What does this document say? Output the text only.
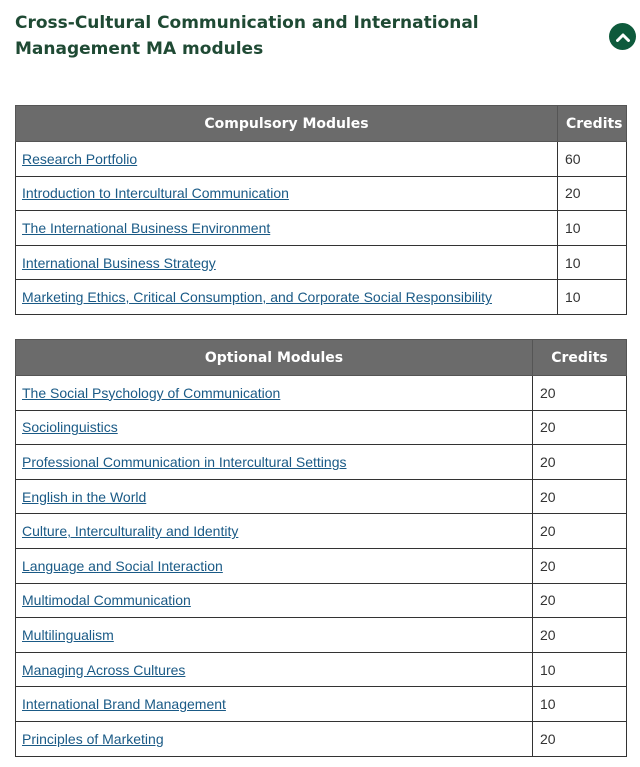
Cross-Cultural Communication and International Management MA modules
Compulsory Modules	Credits
Research Portfolio	60
Introduction to Intercultural Communication	20
The International Business Environment	10
International Business Strategy	10
Marketing Ethics, Critical Consumption, and Corporate Social Responsibility	10
Optional Modules	Credits
The Social Psychology of Communication	20
Sociolinguistics	20
Professional Communication in Intercultural Settings	20
English in the World	20
Culture, Interculturality and Identity	20
Language and Social Interaction	20
Multimodal Communication	20
Multilingualism	20
Managing Across Cultures	10
International Brand Management	10
Principles of Marketing	20
